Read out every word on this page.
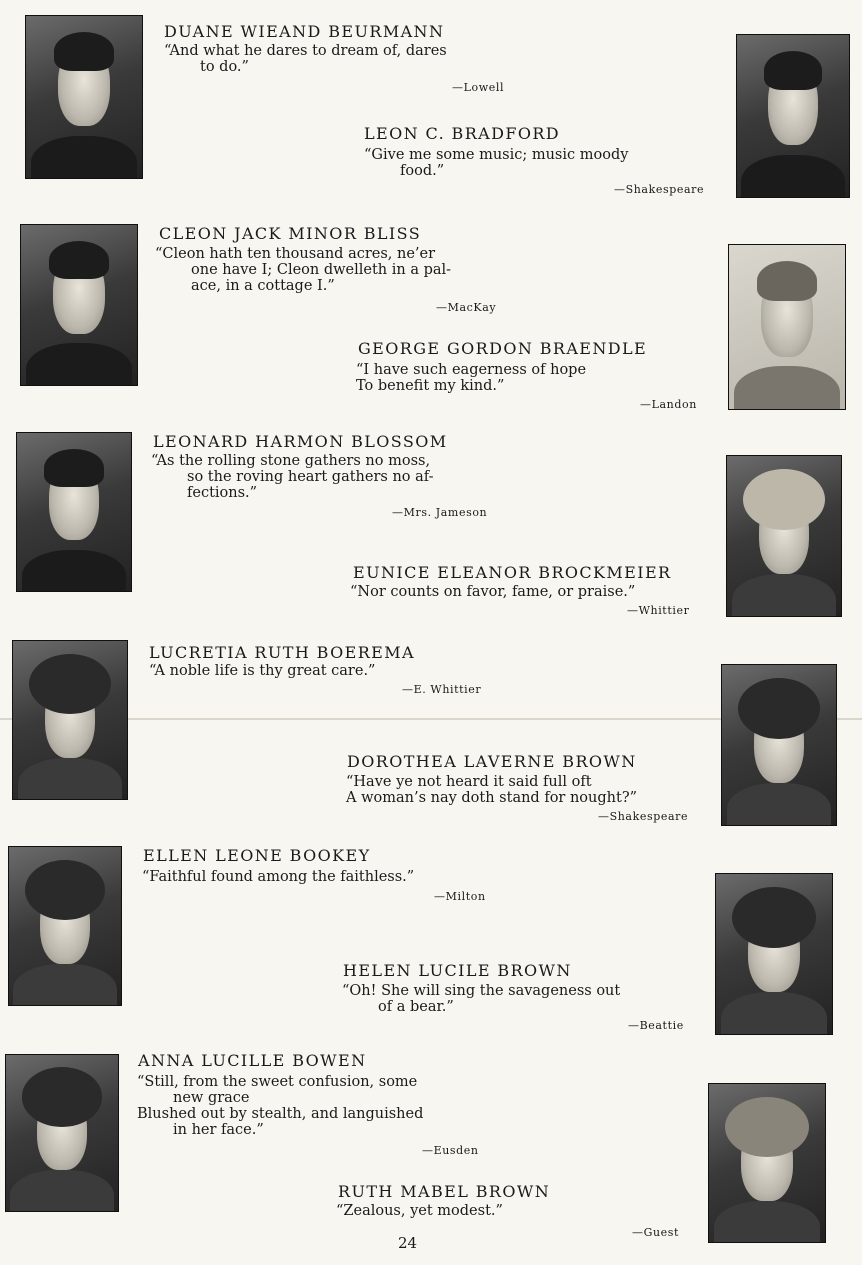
DUANE WIEAND BEURMANN
“And what he dares to dream of, dares
to do.”
—Lowell
LEON C. BRADFORD
“Give me some music; music moody
food.”
—Shakespeare
CLEON JACK MINOR BLISS
“Cleon hath ten thousand acres, ne’er
one have I; Cleon dwelleth in a pal-
ace, in a cottage I.”
—MacKay
GEORGE GORDON BRAENDLE
“I have such eagerness of hope
To benefit my kind.”
—Landon
LEONARD HARMON BLOSSOM
“As the rolling stone gathers no moss,
so the roving heart gathers no af-
fections.”
—Mrs. Jameson
EUNICE ELEANOR BROCKMEIER
“Nor counts on favor, fame, or praise.”
—Whittier
LUCRETIA RUTH BOEREMA
“A noble life is thy great care.”
—E. Whittier
DOROTHEA LAVERNE BROWN
“Have ye not heard it said full oft
A woman’s nay doth stand for nought?”
—Shakespeare
ELLEN LEONE BOOKEY
“Faithful found among the faithless.”
—Milton
HELEN LUCILE BROWN
“Oh! She will sing the savageness out
of a bear.”
—Beattie
ANNA LUCILLE BOWEN
“Still, from the sweet confusion, some
new grace
Blushed out by stealth, and languished
in her face.”
—Eusden
RUTH MABEL BROWN
“Zealous, yet modest.”
—Guest
24
